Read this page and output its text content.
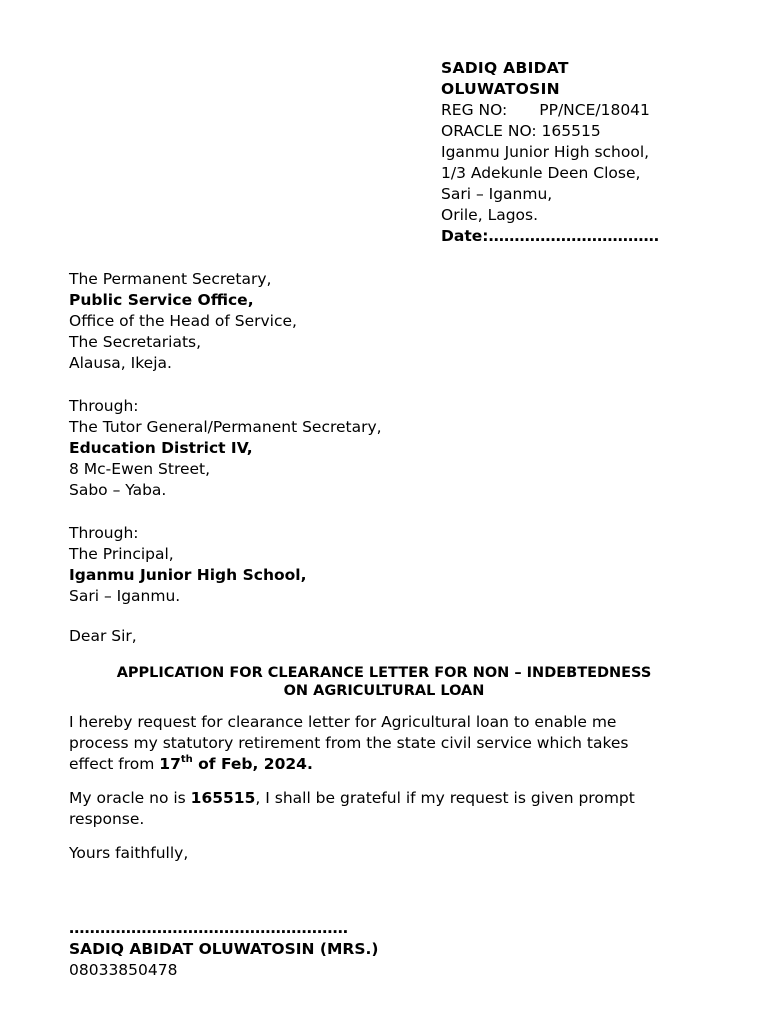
SADIQ ABIDAT
OLUWATOSIN
REG NO: PP/NCE/18041
ORACLE NO: 165515
Iganmu Junior High school,
1/3 Adekunle Deen Close,
Sari – Iganmu,
Orile, Lagos.
Date:……………………………
The Permanent Secretary,
Public Service Office,
Office of the Head of Service,
The Secretariats,
Alausa, Ikeja.
Through:
The Tutor General/Permanent Secretary,
Education District IV,
8 Mc-Ewen Street,
Sabo – Yaba.
Through:
The Principal,
Iganmu Junior High School,
Sari – Iganmu.
Dear Sir,
APPLICATION FOR CLEARANCE LETTER FOR NON – INDEBTEDNESS
ON AGRICULTURAL LOAN
I hereby request for clearance letter for Agricultural loan to enable me
process my statutory retirement from the state civil service which takes
effect from 17th of Feb, 2024.
My oracle no is 165515, I shall be grateful if my request is given prompt
response.
Yours faithfully,
………………………………………………
SADIQ ABIDAT OLUWATOSIN (MRS.)
08033850478
